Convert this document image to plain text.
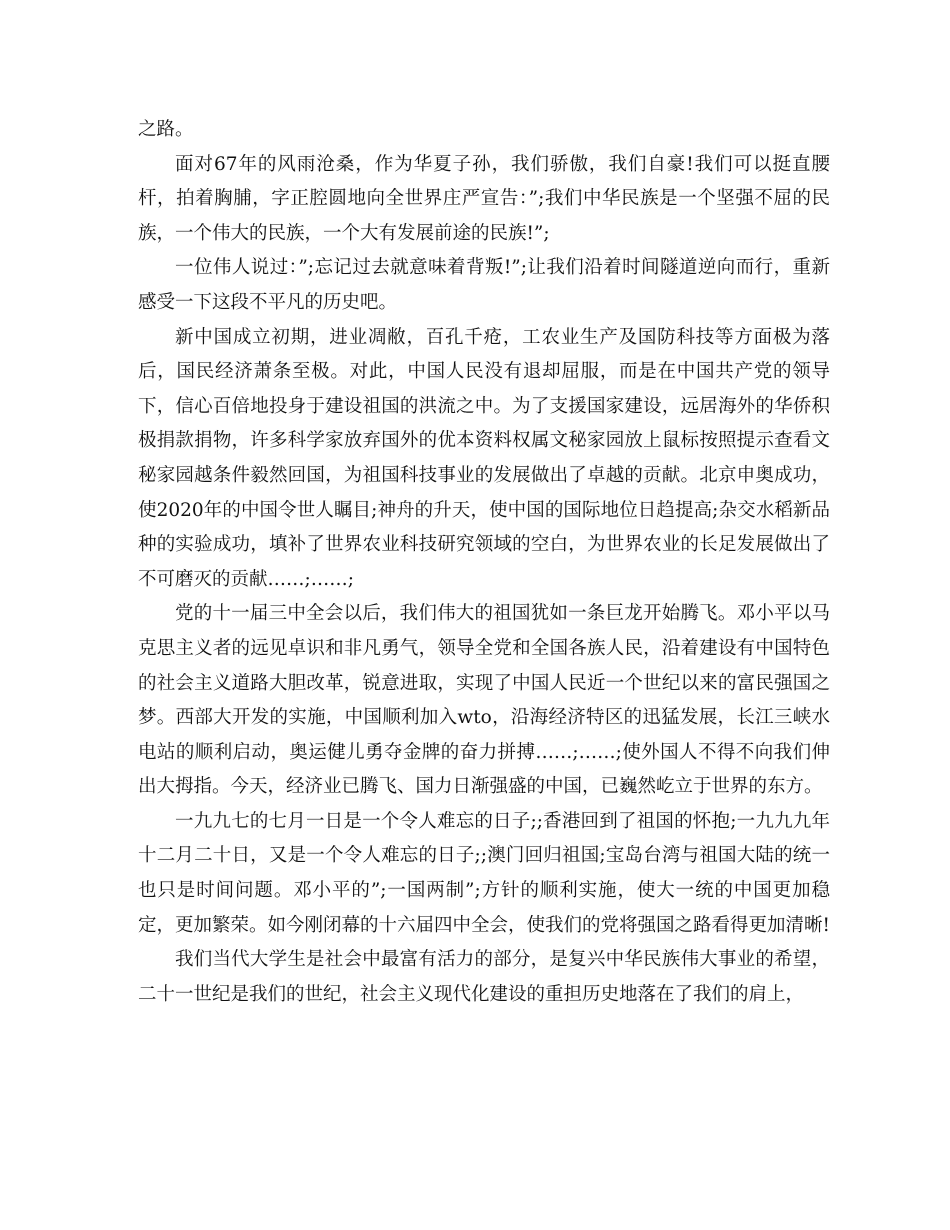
之路。

面对67年的风雨沧桑，作为华夏子孙，我们骄傲，我们自豪!我们可以挺直腰杆，拍着胸脯，字正腔圆地向全世界庄严宣告：”;我们中华民族是一个坚强不屈的民族，一个伟大的民族，一个大有发展前途的民族!”;

一位伟人说过：”;忘记过去就意味着背叛!”;让我们沿着时间隧道逆向而行，重新感受一下这段不平凡的历史吧。

新中国成立初期，进业凋敝，百孔千疮，工农业生产及国防科技等方面极为落后，国民经济萧条至极。对此，中国人民没有退却屈服，而是在中国共产党的领导下，信心百倍地投身于建设祖国的洪流之中。为了支援国家建设，远居海外的华侨积极捐款捐物，许多科学家放弃国外的优本资料权属文秘家园放上鼠标按照提示查看文秘家园越条件毅然回国，为祖国科技事业的发展做出了卓越的贡献。北京申奥成功，使2020年的中国令世人瞩目;神舟的升天，使中国的国际地位日趋提高;杂交水稻新品种的实验成功，填补了世界农业科技研究领域的空白，为世界农业的长足发展做出了不可磨灭的贡献……;……;

党的十一届三中全会以后，我们伟大的祖国犹如一条巨龙开始腾飞。邓小平以马克思主义者的远见卓识和非凡勇气，领导全党和全国各族人民，沿着建设有中国特色的社会主义道路大胆改革，锐意进取，实现了中国人民近一个世纪以来的富民强国之梦。西部大开发的实施，中国顺利加入wto，沿海经济特区的迅猛发展，长江三峡水电站的顺利启动，奥运健儿勇夺金牌的奋力拼搏……;……;使外国人不得不向我们伸出大拇指。今天，经济业已腾飞、国力日渐强盛的中国，已巍然屹立于世界的东方。

一九九七的七月一日是一个令人难忘的日子;;香港回到了祖国的怀抱;一九九九年十二月二十日，又是一个令人难忘的日子;;澳门回归祖国;宝岛台湾与祖国大陆的统一也只是时间问题。邓小平的”;一国两制”;方针的顺利实施，使大一统的中国更加稳定，更加繁荣。如今刚闭幕的十六届四中全会，使我们的党将强国之路看得更加清晰!

我们当代大学生是社会中最富有活力的部分，是复兴中华民族伟大事业的希望，二十一世纪是我们的世纪，社会主义现代化建设的重担历史地落在了我们的肩上，
